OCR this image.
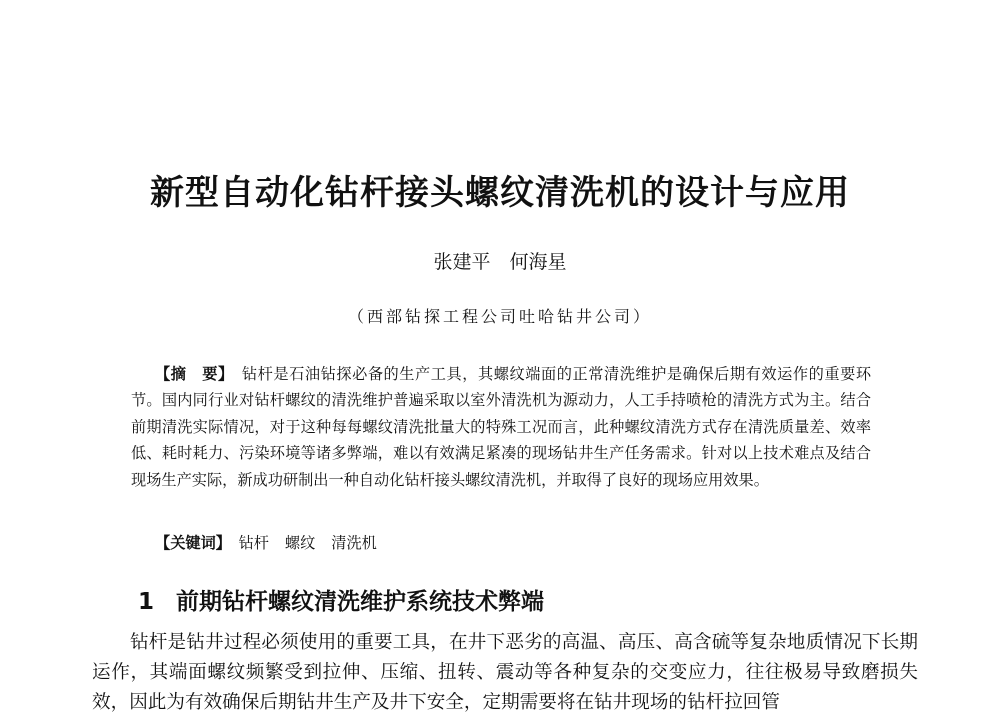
新型自动化钻杆接头螺纹清洗机的设计与应用
张建平　何海星
（西部钻探工程公司吐哈钻井公司）

【摘　要】　 钻杆是石油钻探必备的生产工具，其螺纹端面的正常清洗维护是确保后期有效运作的重要环节。国内同行业对钻杆螺纹的清洗维护普遍采取以室外清洗机为源动力，人工手持喷枪的清洗方式为主。结合前期清洗实际情况，对于这种每每螺纹清洗批量大的特殊工况而言，此种螺纹清洗方式存在清洗质量差、效率低、耗时耗力、污染环境等诸多弊端，难以有效满足紧凑的现场钻井生产任务需求。针对以上技术难点及结合现场生产实际，新成功研制出一种自动化钻杆接头螺纹清洗机，并取得了良好的现场应用效果。

【关键词】　 钻杆 螺纹 清洗机
1 前期钻杆螺纹清洗维护系统技术弊端

钻杆是钻井过程必须使用的重要工具，在井下恶劣的高温、高压、高含硫等复杂地质情况下长期运作，其端面螺纹频繁受到拉伸、压缩、扭转、震动等各种复杂的交变应力，往往极易导致磨损失效，因此为有效确保后期钻井生产及井下安全，定期需要将在钻井现场的钻杆拉回管
